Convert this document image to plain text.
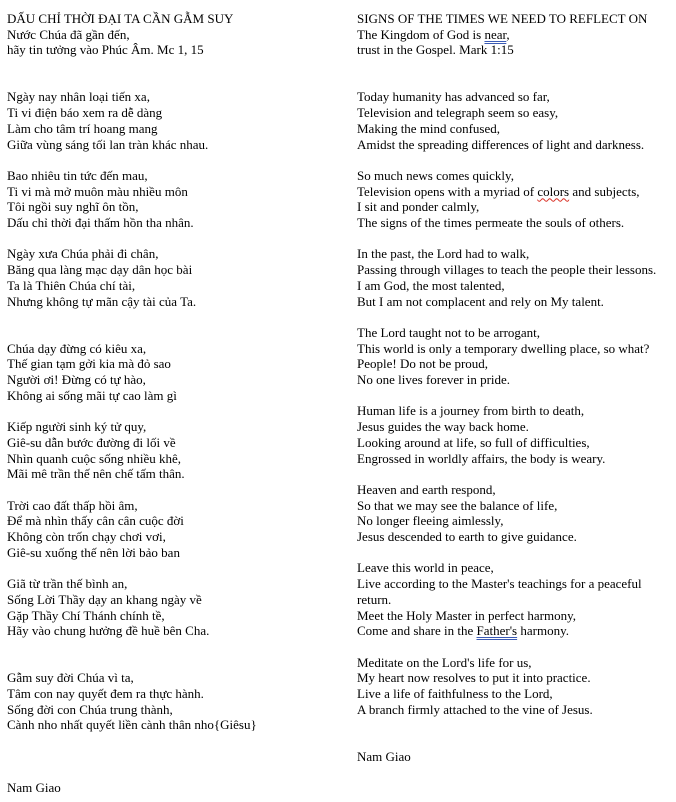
DẤU CHỈ THỜI ĐẠI TA CẦN GẪM SUY
Nước Chúa đã gần đến,
hãy tin tưởng vào Phúc Âm. Mc 1, 15
Ngày nay nhân loại tiến xa,
Ti vi điện báo xem ra dễ dàng
Làm cho tâm trí hoang mang
Giữa vùng sáng tối lan tràn khác nhau.
Bao nhiêu tin tức đến mau,
Ti vi mà mở muôn màu nhiều môn
Tôi ngồi suy nghĩ ôn tồn,
Dấu chỉ thời đại thấm hồn tha nhân.
Ngày xưa Chúa phải đi chân,
Băng qua làng mạc dạy dân học bài
Ta là Thiên Chúa chí tài,
Nhưng không tự mãn cậy tài của Ta.
Chúa dạy đừng có kiêu xa,
Thế gian tạm gởi kia mà đỏ sao
Người ơi! Đừng có tự hào,
Không ai sống mãi tự cao làm gì
Kiếp người sinh ký tử quy,
Giê-su dẫn bước đường đi lối về
Nhìn quanh cuộc sống nhiều khê,
Mãi mê trần thế nên chế tấm thân.
Trời cao đất thấp hồi âm,
Để mà nhìn thấy cân cân cuộc đời
Không còn trốn chạy chơi vơi,
Giê-su xuống thế nên lời bảo ban
Giã từ trần thế bình an,
Sống Lời Thầy dạy an khang ngày về
Gặp Thầy Chí Thánh chính tề,
Hãy vào chung hưởng đề huề bên Cha.
Gẫm suy đời Chúa vì ta,
Tâm con nay quyết đem ra thực hành.
Sống đời con Chúa trung thành,
Cành nho nhất quyết liền cành thân nho{Giêsu}
Nam Giao
SIGNS OF THE TIMES WE NEED TO REFLECT ON
The Kingdom of God is near,
trust in the Gospel. Mark 1:15
Today humanity has advanced so far,
Television and telegraph seem so easy,
Making the mind confused,
Amidst the spreading differences of light and darkness.
So much news comes quickly,
Television opens with a myriad of colors and subjects,
I sit and ponder calmly,
The signs of the times permeate the souls of others.
In the past, the Lord had to walk,
Passing through villages to teach the people their lessons.
I am God, the most talented,
But I am not complacent and rely on My talent.
The Lord taught not to be arrogant,
This world is only a temporary dwelling place, so what?
People! Do not be proud,
No one lives forever in pride.
Human life is a journey from birth to death,
Jesus guides the way back home.
Looking around at life, so full of difficulties,
Engrossed in worldly affairs, the body is weary.
Heaven and earth respond,
So that we may see the balance of life,
No longer fleeing aimlessly,
Jesus descended to earth to give guidance.
Leave this world in peace,
Live according to the Master's teachings for a peaceful return.
Meet the Holy Master in perfect harmony,
Come and share in the Father's harmony.
Meditate on the Lord's life for us,
My heart now resolves to put it into practice.
Live a life of faithfulness to the Lord,
A branch firmly attached to the vine of Jesus.
Nam Giao
